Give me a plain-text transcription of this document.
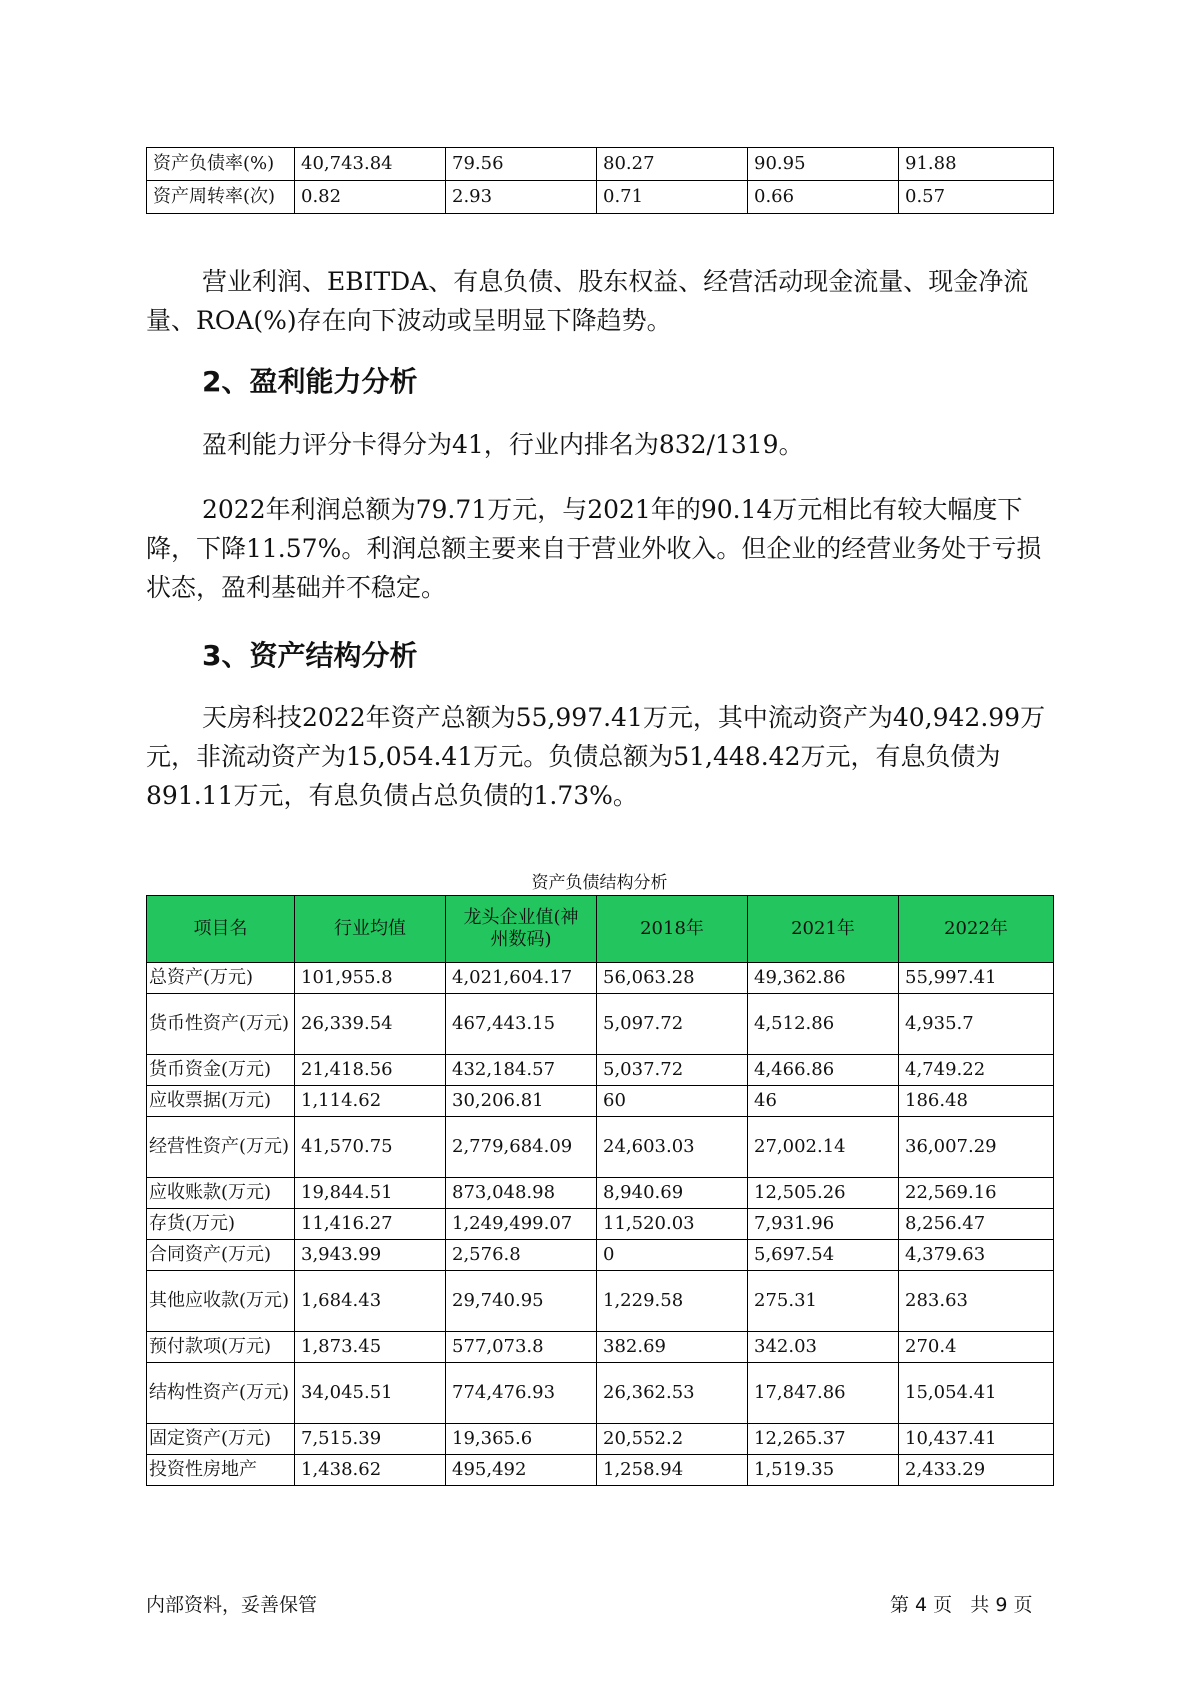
资产负债率(%)	40,743.84	79.56	80.27	90.95	91.88
资产周转率(次)	0.82	2.93	0.71	0.66	0.57
营业利润、EBITDA、有息负债、股东权益、经营活动现金流量、现金净流量、ROA(%)存在向下波动或呈明显下降趋势。
2、盈利能力分析
盈利能力评分卡得分为41，行业内排名为832/1319。
2022年利润总额为79.71万元，与2021年的90.14万元相比有较大幅度下降，下降11.57%。利润总额主要来自于营业外收入。但企业的经营业务处于亏损状态，盈利基础并不稳定。
3、资产结构分析
天房科技2022年资产总额为55,997.41万元，其中流动资产为40,942.99万元，非流动资产为15,054.41万元。负债总额为51,448.42万元，有息负债为891.11万元，有息负债占总负债的1.73%。
资产负债结构分析
项目名	行业均值	龙头企业值(神州数码)	2018年	2021年	2022年
总资产(万元)	101,955.8	4,021,604.17	56,063.28	49,362.86	55,997.41
货币性资产(万元)	26,339.54	467,443.15	5,097.72	4,512.86	4,935.7
货币资金(万元)	21,418.56	432,184.57	5,037.72	4,466.86	4,749.22
应收票据(万元)	1,114.62	30,206.81	60	46	186.48
经营性资产(万元)	41,570.75	2,779,684.09	24,603.03	27,002.14	36,007.29
应收账款(万元)	19,844.51	873,048.98	8,940.69	12,505.26	22,569.16
存货(万元)	11,416.27	1,249,499.07	11,520.03	7,931.96	8,256.47
合同资产(万元)	3,943.99	2,576.8	0	5,697.54	4,379.63
其他应收款(万元)	1,684.43	29,740.95	1,229.58	275.31	283.63
预付款项(万元)	1,873.45	577,073.8	382.69	342.03	270.4
结构性资产(万元)	34,045.51	774,476.93	26,362.53	17,847.86	15,054.41
固定资产(万元)	7,515.39	19,365.6	20,552.2	12,265.37	10,437.41
投资性房地产	1,438.62	495,492	1,258.94	1,519.35	2,433.29
内部资料，妥善保管	第 4 页   共 9 页
